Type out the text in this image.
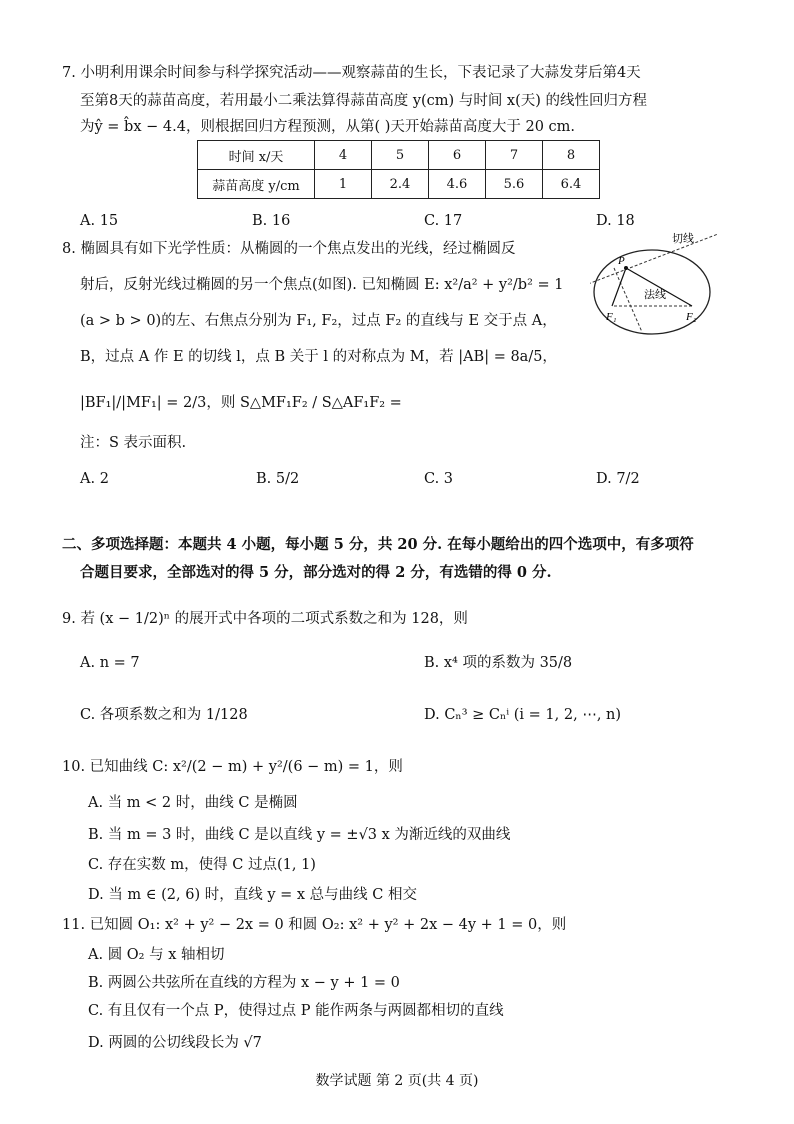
7. 小明利用课余时间参与科学探究活动——观察蒜苗的生长，下表记录了大蒜发芽后第4天
至第8天的蒜苗高度，若用最小二乘法算得蒜苗高度 y(cm) 与时间 x(天) 的线性回归方程
为ŷ = b̂x − 4.4，则根据回归方程预测，从第( )天开始蒜苗高度大于 20 cm.
时间 x/天	4	5	6	7	8
蒜苗高度 y/cm	1	2.4	4.6	5.6	6.4
A. 15	B. 16	C. 17	D. 18
8. 椭圆具有如下光学性质：从椭圆的一个焦点发出的光线，经过椭圆反
射后，反射光线过椭圆的另一个焦点(如图). 已知椭圆 E: x²/a² + y²/b² = 1
(a > b > 0)的左、右焦点分别为 F₁, F₂，过点 F₂ 的直线与 E 交于点 A，
B，过点 A 作 E 的切线 l，点 B 关于 l 的对称点为 M，若 |AB| = 8a/5，
|BF₁|/|MF₁| = 2/3，则 S△MF₁F₂ / S△AF₁F₂ =
注：S 表示面积.
A. 2	B. 5/2	C. 3	D. 7/2
P
切线
法线
F₁	F₂
二、多项选择题：本题共 4 小题，每小题 5 分，共 20 分. 在每小题给出的四个选项中，有多项符
合题目要求，全部选对的得 5 分，部分选对的得 2 分，有选错的得 0 分.
9. 若 (x − 1/2)ⁿ 的展开式中各项的二项式系数之和为 128，则
A. n = 7	B. x⁴ 项的系数为 35/8
C. 各项系数之和为 1/128	D. Cₙ³ ≥ Cₙⁱ (i = 1, 2, ⋯, n)
10. 已知曲线 C: x²/(2 − m) + y²/(6 − m) = 1，则
A. 当 m < 2 时，曲线 C 是椭圆
B. 当 m = 3 时，曲线 C 是以直线 y = ±√3 x 为渐近线的双曲线
C. 存在实数 m，使得 C 过点(1, 1)
D. 当 m ∈ (2, 6) 时，直线 y = x 总与曲线 C 相交
11. 已知圆 O₁: x² + y² − 2x = 0 和圆 O₂: x² + y² + 2x − 4y + 1 = 0，则
A. 圆 O₂ 与 x 轴相切
B. 两圆公共弦所在直线的方程为 x − y + 1 = 0
C. 有且仅有一个点 P，使得过点 P 能作两条与两圆都相切的直线
D. 两圆的公切线段长为 √7
数学试题 第 2 页(共 4 页)
